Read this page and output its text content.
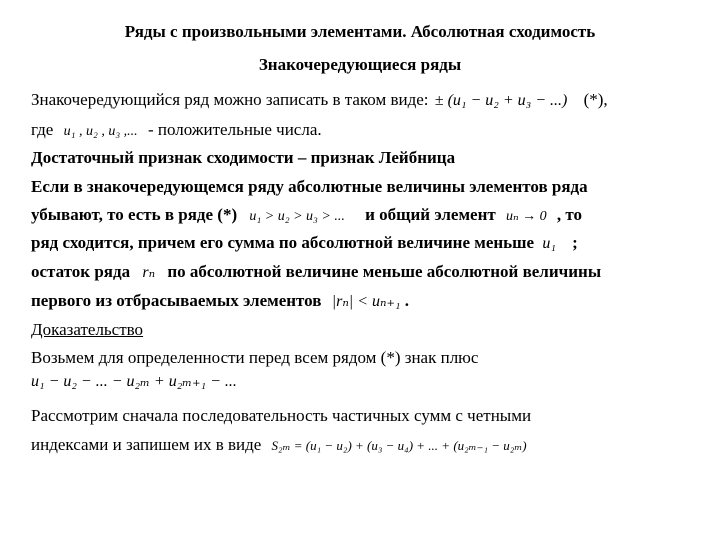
Ряды с произвольными элементами. Абсолютная сходимость
Знакочередующиеся ряды
Знакочередующийся ряд можно записать в таком виде: ± (u₁ − u₂ + u₃ − ...) (*),
где u₁ , u₂ , u₃ ,... - положительные числа.
Достаточный признак сходимости – признак Лейбница
Если в знакочередующемся ряду абсолютные величины элементов ряда
убывают, то есть в ряде (*) u₁ > u₂ > u₃ > ... и общий элемент uₙ → 0 , то
ряд сходится, причем его сумма по абсолютной величине меньше u₁ ;
остаток ряда rₙ по абсолютной величине меньше абсолютной величины
первого из отбрасываемых элементов |rₙ| < uₙ₊₁ .
Доказательство
Возьмем для определенности перед всем рядом (*) знак плюс
u₁ − u₂ − ... − u₂ₘ + u₂ₘ₊₁ − ...
Рассмотрим сначала последовательность частичных сумм с четными
индексами и запишем их в виде S₂ₘ = (u₁ − u₂) + (u₃ − u₄) + ... + (u₂ₘ₋₁ − u₂ₘ)
